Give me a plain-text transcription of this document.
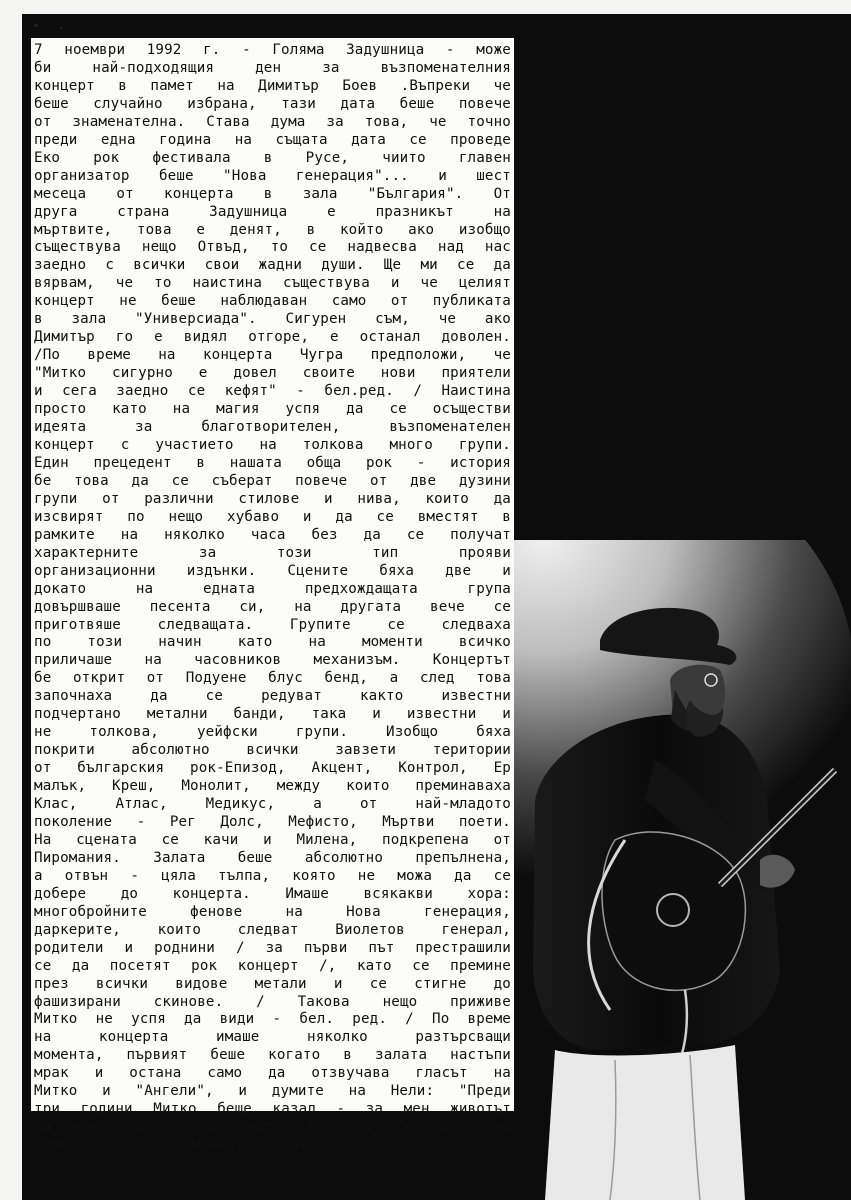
7 ноември 1992 г. - Голяма Задушница - може
би най-подходящия ден за възпоменателния
концерт в памет на Димитър Боев .Въпреки че
беше случайно избрана, тази дата беше повече
от знаменателна. Става дума за това, че точно
преди една година на същата дата се проведе
Еко рок фестивала в Русе, чиито главен
организатор беше "Нова генерация"... и шест
месеца от концерта в зала "България". От
друга страна Задушница е празникът на
мъртвите, това е денят, в който ако изобщо
съществува нещо Отвъд, то се надвесва над нас
заедно с всички свои жадни души. Ще ми се да
вярвам, че то наистина съществува и че целият
концерт не беше наблюдаван само от публиката
в зала "Универсиада". Сигурен съм, че ако
Димитър го е видял отгоре, е останал доволен.
/По време на концерта Чугра предположи, че
"Митко сигурно е довел своите нови приятели
и сега заедно се кефят" - бел.ред. / Наистина
просто като на магия успя да се осъществи
идеята за благотворителен, възпоменателен
концерт с участието на толкова много групи.
Един прецедент в нашата обща рок - история
бе това да се съберат повече от две дузини
групи от различни стилове и нива, които да
изсвирят по нещо хубаво и да се вместят в
рамките на няколко часа без да се получат
характерните за този тип прояви
организационни издънки. Сцените бяха две и
докато на едната предхождащата група
довършваше песента си, на другата вече се
приготвяше следващата. Групите се следваха
по този начин като на моменти всичко
приличаше на часовников механизъм. Концертът
бе открит от Подуене блус бенд, а след това
започнаха да се редуват както известни
подчертано метални банди, така и известни и
не толкова, уейфски групи. Изобщо бяха
покрити абсолютно всички завзети територии
от българския рок-Епизод, Акцент, Контрол, Ер
малък, Креш, Монолит, между които преминаваха
Клас, Атлас, Медикус, а от най-младото
поколение - Рег Долс, Мефисто, Мъртви поети.
На сцената се качи и Милена, подкрепена от
Пиромания. Залата беше абсолютно препълнена,
а отвън - цяла тълпа, която не можа да се
добере до концерта. Имаше всякакви хора:
многобройните фенове на Нова генерация,
даркерите, които следват Виолетов генерал,
родители и роднини / за първи път престрашили
се да посетят рок концерт /, като се премине
през всички видове метали и се стигне до
фашизирани скинове. / Такова нещо приживе
Митко не успя да види - бел. ред. / По време
на концерта имаше няколко разтърсващи
момента, първият беше когато в залата настъпи
мрак и остана само да отзвучава гласът на
Митко и "Ангели", и думите на Нели: "Преди
три години Митко беше казал - за мен животът
ми няма особена стойност, бих го дал за една
идея." В този момент залата приличаше на
